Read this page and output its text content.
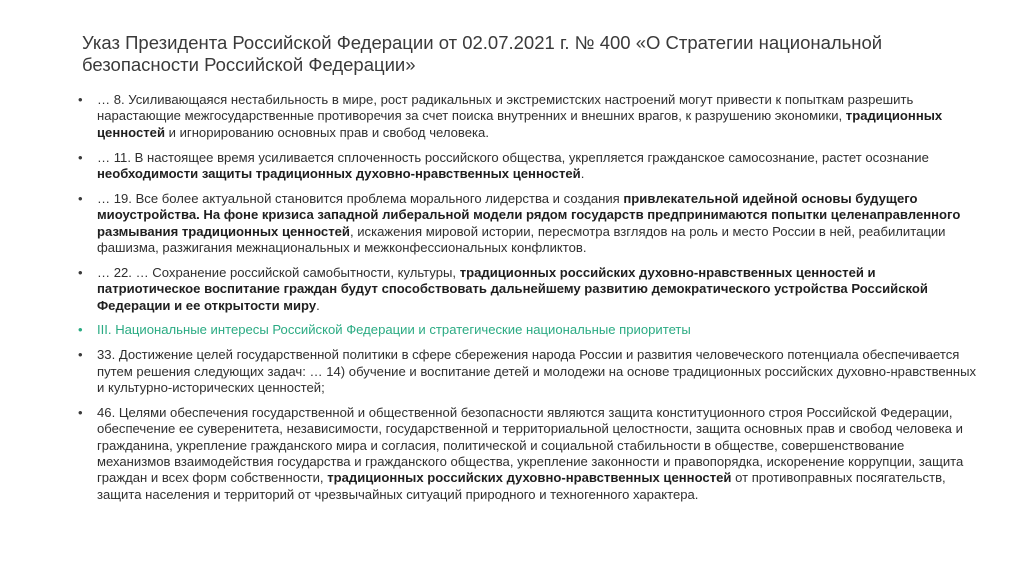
Указ Президента Российской Федерации от 02.07.2021 г. № 400 «О Стратегии национальной безопасности Российской Федерации»
•	… 8. Усиливающаяся нестабильность в мире, рост радикальных и экстремистских настроений могут привести к попыткам разрешить нарастающие межгосударственные противоречия за счет поиска внутренних и внешних врагов, к разрушению экономики, традиционных ценностей и игнорированию основных прав и свобод человека.
•	… 11. В настоящее время усиливается сплоченность российского общества, укрепляется гражданское самосознание, растет осознание необходимости защиты традиционных духовно-нравственных ценностей.
•	… 19. Все более актуальной становится проблема морального лидерства и создания привлекательной идейной основы будущего миоустройства. На фоне кризиса западной либеральной модели рядом государств предпринимаются попытки целенаправленного размывания традиционных ценностей, искажения мировой истории, пересмотра взглядов на роль и место России в ней, реабилитации фашизма, разжигания межнациональных и межконфессиональных конфликтов.
•	… 22. … Сохранение российской самобытности, культуры, традиционных российских духовно-нравственных ценностей и патриотическое воспитание граждан будут способствовать дальнейшему развитию демократического устройства Российской Федерации и ее открытости миру.
•	III. Национальные интересы Российской Федерации и стратегические национальные приоритеты
•	33. Достижение целей государственной политики в сфере сбережения народа России и развития человеческого потенциала обеспечивается путем решения следующих задач: … 14) обучение и воспитание детей и молодежи на основе традиционных российских духовно-нравственных и культурно-исторических ценностей;
•	46. Целями обеспечения государственной и общественной безопасности являются защита конституционного строя Российской Федерации, обеспечение ее суверенитета, независимости, государственной и территориальной целостности, защита основных прав и свобод человека и гражданина, укрепление гражданского мира и согласия, политической и социальной стабильности в обществе, совершенствование механизмов взаимодействия государства и гражданского общества, укрепление законности и правопорядка, искоренение коррупции, защита граждан и всех форм собственности, традиционных российских духовно-нравственных ценностей от противоправных посягательств, защита населения и территорий от чрезвычайных ситуаций природного и техногенного характера.
